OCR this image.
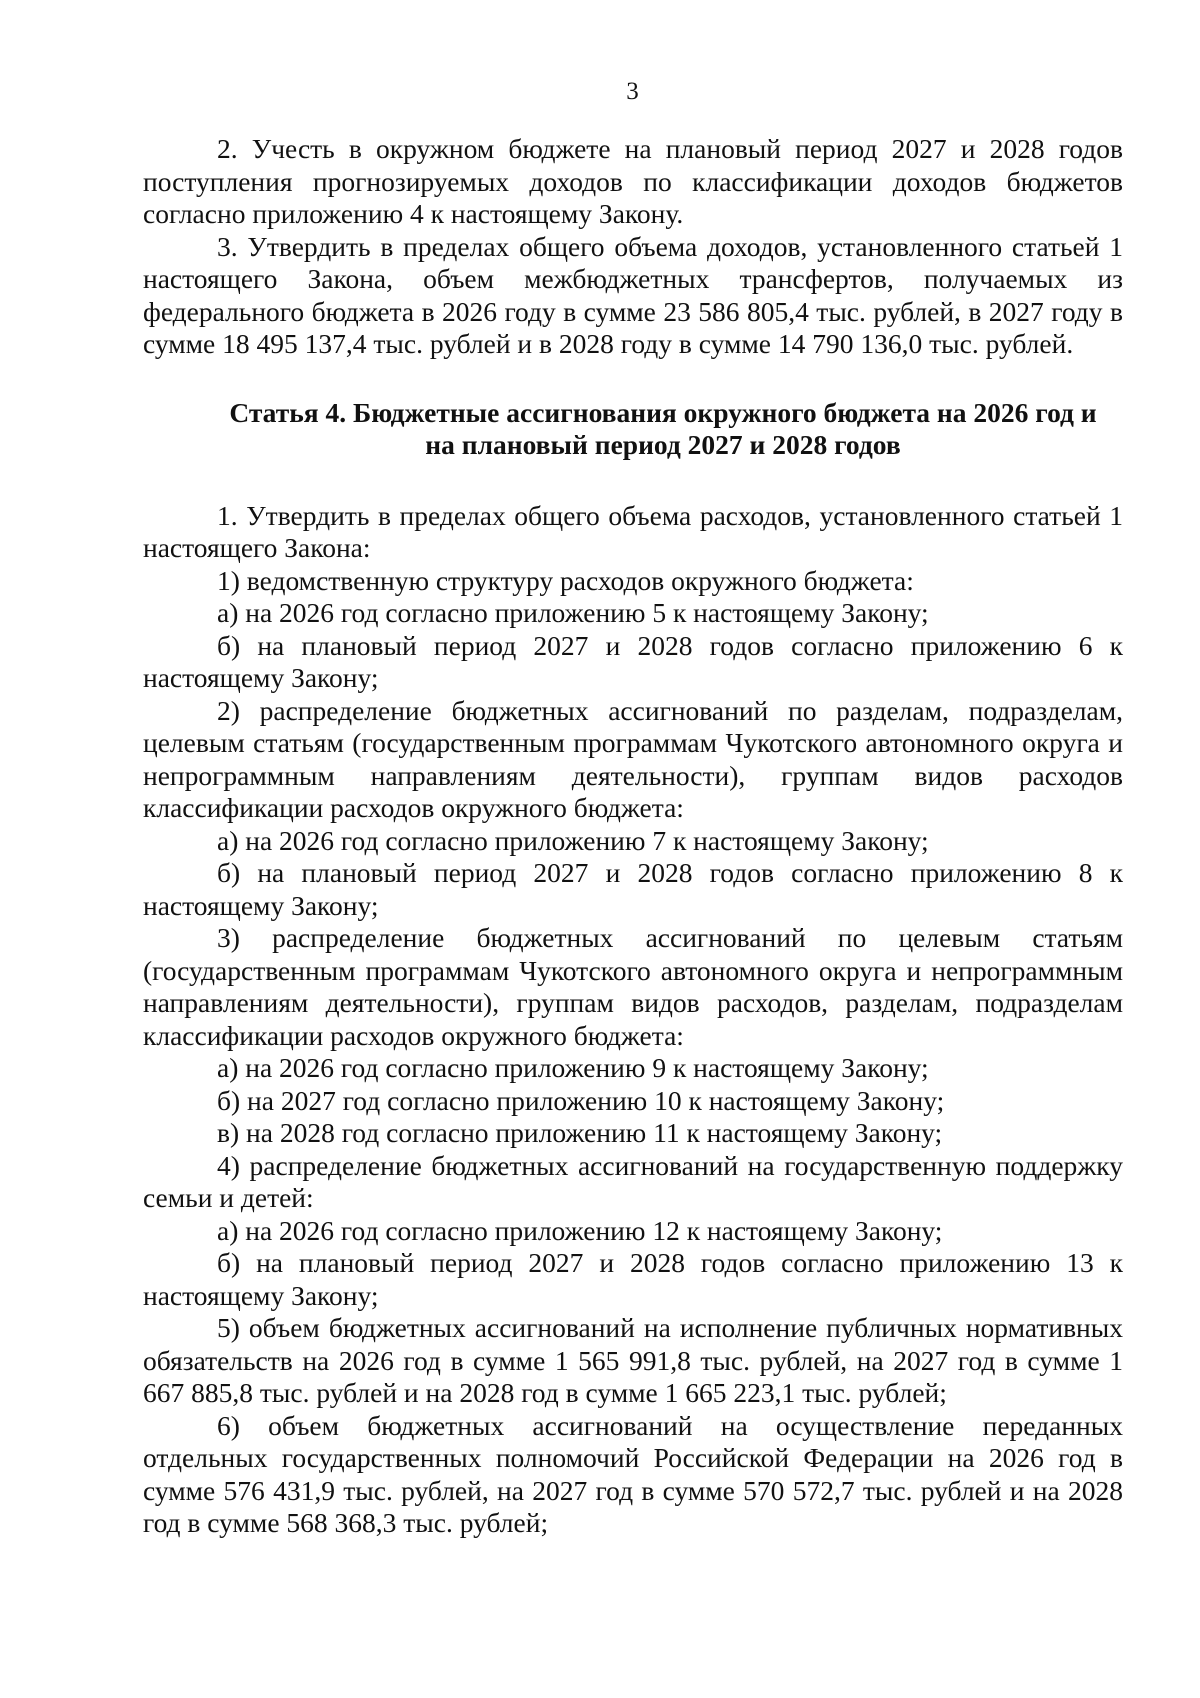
3

2. Учесть в окружном бюджете на плановый период 2027 и 2028 годов поступления прогнозируемых доходов по классификации доходов бюджетов согласно приложению 4 к настоящему Закону.

3. Утвердить в пределах общего объема доходов, установленного статьей 1 настоящего Закона, объем межбюджетных трансфертов, получаемых из федерального бюджета в 2026 году в сумме 23 586 805,4 тыс. рублей, в 2027 году в сумме 18 495 137,4 тыс. рублей и в 2028 году в сумме 14 790 136,0 тыс. рублей.

Статья 4. Бюджетные ассигнования окружного бюджета на 2026 год и
на плановый период 2027 и 2028 годов

1. Утвердить в пределах общего объема расходов, установленного статьей 1 настоящего Закона:

1) ведомственную структуру расходов окружного бюджета:

а) на 2026 год согласно приложению 5 к настоящему Закону;

б) на плановый период 2027 и 2028 годов согласно приложению 6 к настоящему Закону;

2) распределение бюджетных ассигнований по разделам, подразделам, целевым статьям (государственным программам Чукотского автономного округа и непрограммным направлениям деятельности), группам видов расходов классификации расходов окружного бюджета:

а) на 2026 год согласно приложению 7 к настоящему Закону;

б) на плановый период 2027 и 2028 годов согласно приложению 8 к настоящему Закону;

3) распределение бюджетных ассигнований по целевым статьям (государственным программам Чукотского автономного округа и непрограммным направлениям деятельности), группам видов расходов, разделам, подразделам классификации расходов окружного бюджета:

а) на 2026 год согласно приложению 9 к настоящему Закону;

б) на 2027 год согласно приложению 10 к настоящему Закону;

в) на 2028 год согласно приложению 11 к настоящему Закону;

4) распределение бюджетных ассигнований на государственную поддержку семьи и детей:

а) на 2026 год согласно приложению 12 к настоящему Закону;

б) на плановый период 2027 и 2028 годов согласно приложению 13 к настоящему Закону;

5) объем бюджетных ассигнований на исполнение публичных нормативных обязательств на 2026 год в сумме 1 565 991,8 тыс. рублей, на 2027 год в сумме 1 667 885,8 тыс. рублей и на 2028 год в сумме 1 665 223,1 тыс. рублей;

6) объем бюджетных ассигнований на осуществление переданных отдельных государственных полномочий Российской Федерации на 2026 год в сумме 576 431,9 тыс. рублей, на 2027 год в сумме 570 572,7 тыс. рублей и на 2028 год в сумме 568 368,3 тыс. рублей;
